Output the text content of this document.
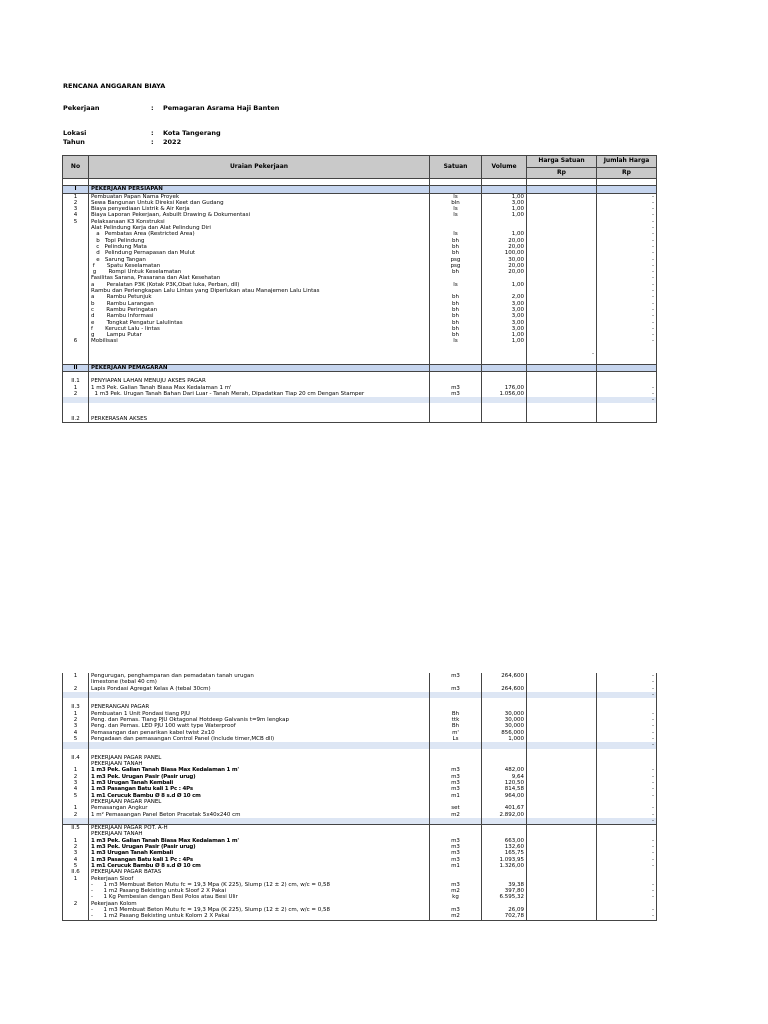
RENCANA ANGGARAN BIAYA
Pekerjaan	: Pemagaran Asrama Haji Banten
Lokasi	: Kota Tangerang
Tahun	: 2022
No	Uraian Pekerjaan	Satuan	Volume	Harga Satuan	Jumlah Harga
				Rp	Rp

I	PEKERJAAN PERSIAPAN				
1	Pembuatan Papan Nama Proyek	ls	1,00		-
2	Sewa Bangunan Untuk Direksi Keet dan Gudang	bln	3,00		-
3	Biaya penyediaan Listrik & Air Kerja	ls	1,00		-
4	Biaya Laporan Pekerjaan, Asbuilt Drawing & Dokumentasi	ls	1,00		-
5	Pelaksanaan K3 Konstruksi				-
	Alat Pelindung Kerja dan Alat Pelindung Diri				-
	a   Pembatas Area (Restricted Area)	ls	1,00		-
	b   Topi Pelindung	bh	20,00		-
	c   Pelindung Mata	bh	20,00		-
	d   Pelindung Pernapasan dan Mulut	bh	100,00		-
	e   Sarung Tangan	psg	30,00		-
	f       Spatu Keselamatan	psg	20,00		-
	g       Rompi Untuk Keselamatan	bh	20,00		-
	Fasilitas Sarana, Prasarana dan Alat Kesehatan				-
	a       Peralatan P3K (Kotak P3K,Obat luka, Perban, dll)	ls	1,00		-
	Rambu dan Perlengkapan Lalu Lintas yang Diperlukan atau Manajemen Lalu Lintas				-
	a       Rambu Petunjuk	bh	2,00		-
	b       Rambu Larangan	bh	3,00		-
	c       Rambu Peringatan	bh	3,00		-
	d       Rambu Informasi	bh	3,00		-
	e       Tongkat Pengatur Lalulintas	bh	3,00		-
	f       Kerucut Lalu - lintas	bh	3,00		-
	g       Lampu Putar	bh	1,00		-
6	Mobilisasi	ls	1,00		-

				-	

II	PEKERJAAN PEMAGARAN				

II.1	PENYIAPAN LAHAN MENUJU AKSES PAGAR				
1	1 m3 Pek. Galian Tanah Biasa Max Kedalaman 1 m'	m3	176,00		-
2	1 m3 Pek. Urugan Tanah Bahan Dari Luar - Tanah Merah, Dipadatkan Tiap 20 cm Dengan Stamper	m3	1.056,00		-
					-

II.2	PERKERASAN AKSES				
1	Pengurugan, penghamparan dan pemadatan tanah urugan	m3	264,600		-
	limestone (tebal 40 cm)				-
2	Lapis Pondasi Agregat Kelas A (tebal 30cm)	m3	264,600		-
					-

II.3	PENERANGAN PAGAR				
1	Pembuatan 1 Unit Pondasi tiang PJU	Bh	30,000		-
2	Peng. dan Pemas. Tiang PJU Oktagonal Hotdeep Galvanis t=9m lengkap	ttk	30,000		-
3	Peng. dan Pemas. LED PJU 100 watt type Waterproof	Bh	30,000		-
4	Pemasangan dan penarikan kabel twist 2x10	m'	856,000		-
5	Pengadaan dan pemasangan Control Panel (Include timer,MCB dll)	Ls	1,000		-
					-

II.4	PEKERJAAN PAGAR PANEL				
	PEKERJAAN TANAH				
1	1 m3 Pek. Galian Tanah Biasa Max Kedalaman 1 m'	m3	482,00		-
2	1 m3 Pek. Urugan Pasir (Pasir urug)	m3	9,64		-
3	1 m3 Urugan Tanah Kembali	m3	120,50		-
4	1 m3 Pasangan Batu kali 1 Pc : 4Ps	m3	814,58		-
5	1 m1 Cerucuk Bambu Ø 8 s.d Ø 10 cm	m1	964,00		-
	PEKERJAAN PAGAR PANEL				
1	Pemasangan Angkur	set	401,67		-
2	1 m² Pemasangan Panel Beton Pracetak 5x40x240 cm	m2	2.892,00		-
					-
II.5	PEKERJAAN PAGAR POT. A-H				
	PEKERJAAN TANAH				
1	1 m3 Pek. Galian Tanah Biasa Max Kedalaman 1 m'	m3	663,00		-
2	1 m3 Pek. Urugan Pasir (Pasir urug)	m3	132,60		-
3	1 m3 Urugan Tanah Kembali	m3	165,75		-
4	1 m3 Pasangan Batu kali 1 Pc : 4Ps	m3	1.093,95		-
5	1 m1 Cerucuk Bambu Ø 8 s.d Ø 10 cm	m1	1.326,00		-
II.6	PEKERJAAN PAGAR BATAS				
1	Pekerjaan Sloof				
	-      1 m3 Membuat Beton Mutu fc = 19,3 Mpa (K 225), Slump (12 ± 2) cm, w/c = 0,58	m3	39,38		-
	-      1 m2 Pasang Bekisting untuk Sloof 2 X Pakai	m2	397,80		-
	-      1 Kg Pembesian dengan Besi Polos atau Besi Ulir	kg	6.595,32		-
2	Pekerjaan Kolom				
	-      1 m3 Membuat Beton Mutu fc = 19,3 Mpa (K 225), Slump (12 ± 2) cm, w/c = 0,58	m3	26,09		-
	-      1 m2 Pasang Bekisting untuk Kolom 2 X Pakai	m2	702,78		-
